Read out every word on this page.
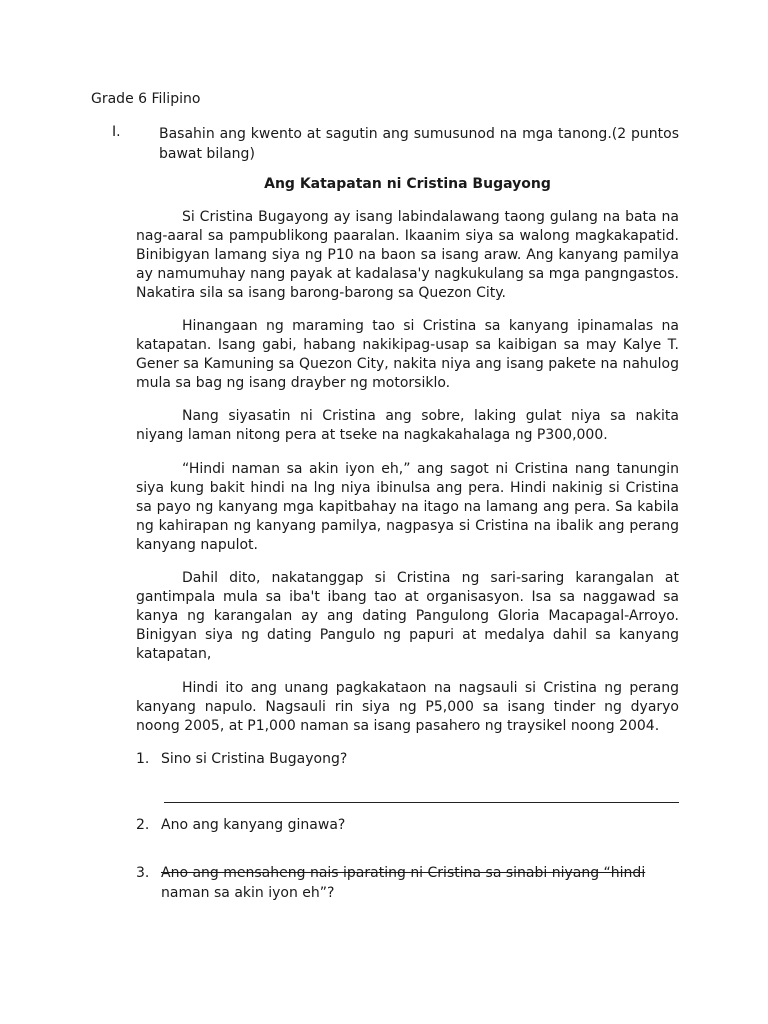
Grade 6 Filipino
I.	Basahin ang kwento at sagutin ang sumusunod na mga tanong.(2 puntos bawat bilang)
Ang Katapatan ni Cristina Bugayong

Si Cristina Bugayong ay isang labindalawang taong gulang na bata na nag-aaral sa pampublikong paaralan. Ikaanim siya sa walong magkakapatid. Binibigyan lamang siya ng P10 na baon sa isang araw. Ang kanyang pamilya ay namumuhay nang payak at kadalasa'y nagkukulang sa mga pangngastos. Nakatira sila sa isang barong-barong sa Quezon City.

Hinangaan ng maraming tao si Cristina sa kanyang ipinamalas na katapatan. Isang gabi, habang nakikipag-usap sa kaibigan sa may Kalye T. Gener sa Kamuning sa Quezon City, nakita niya ang isang pakete na nahulog mula sa bag ng isang drayber ng motorsiklo.

Nang siyasatin ni Cristina ang sobre, laking gulat niya sa nakita niyang laman nitong pera at tseke na nagkakahalaga ng P300,000.

“Hindi naman sa akin iyon eh,” ang sagot ni Cristina nang tanungin siya kung bakit hindi na lng niya ibinulsa ang pera. Hindi nakinig si Cristina sa payo ng kanyang mga kapitbahay na itago na lamang ang pera. Sa kabila ng kahirapan ng kanyang pamilya, nagpasya si Cristina na ibalik ang perang kanyang napulot.

Dahil dito, nakatanggap si Cristina ng sari-saring karangalan at gantimpala mula sa iba't ibang tao at organisasyon. Isa sa naggawad sa kanya ng karangalan ay ang dating Pangulong Gloria Macapagal-Arroyo. Binigyan siya ng dating Pangulo ng papuri at medalya dahil sa kanyang katapatan,

Hindi ito ang unang pagkakataon na nagsauli si Cristina ng perang kanyang napulo. Nagsauli rin siya ng P5,000 sa isang tinder ng dyaryo noong 2005, at P1,000 naman sa isang pasahero ng traysikel noong 2004.

1. Sino si Cristina Bugayong?
2. Ano ang kanyang ginawa?
3. Ano ang mensaheng nais iparating ni Cristina sa sinabi niyang “hindi
naman sa akin iyon eh”?
